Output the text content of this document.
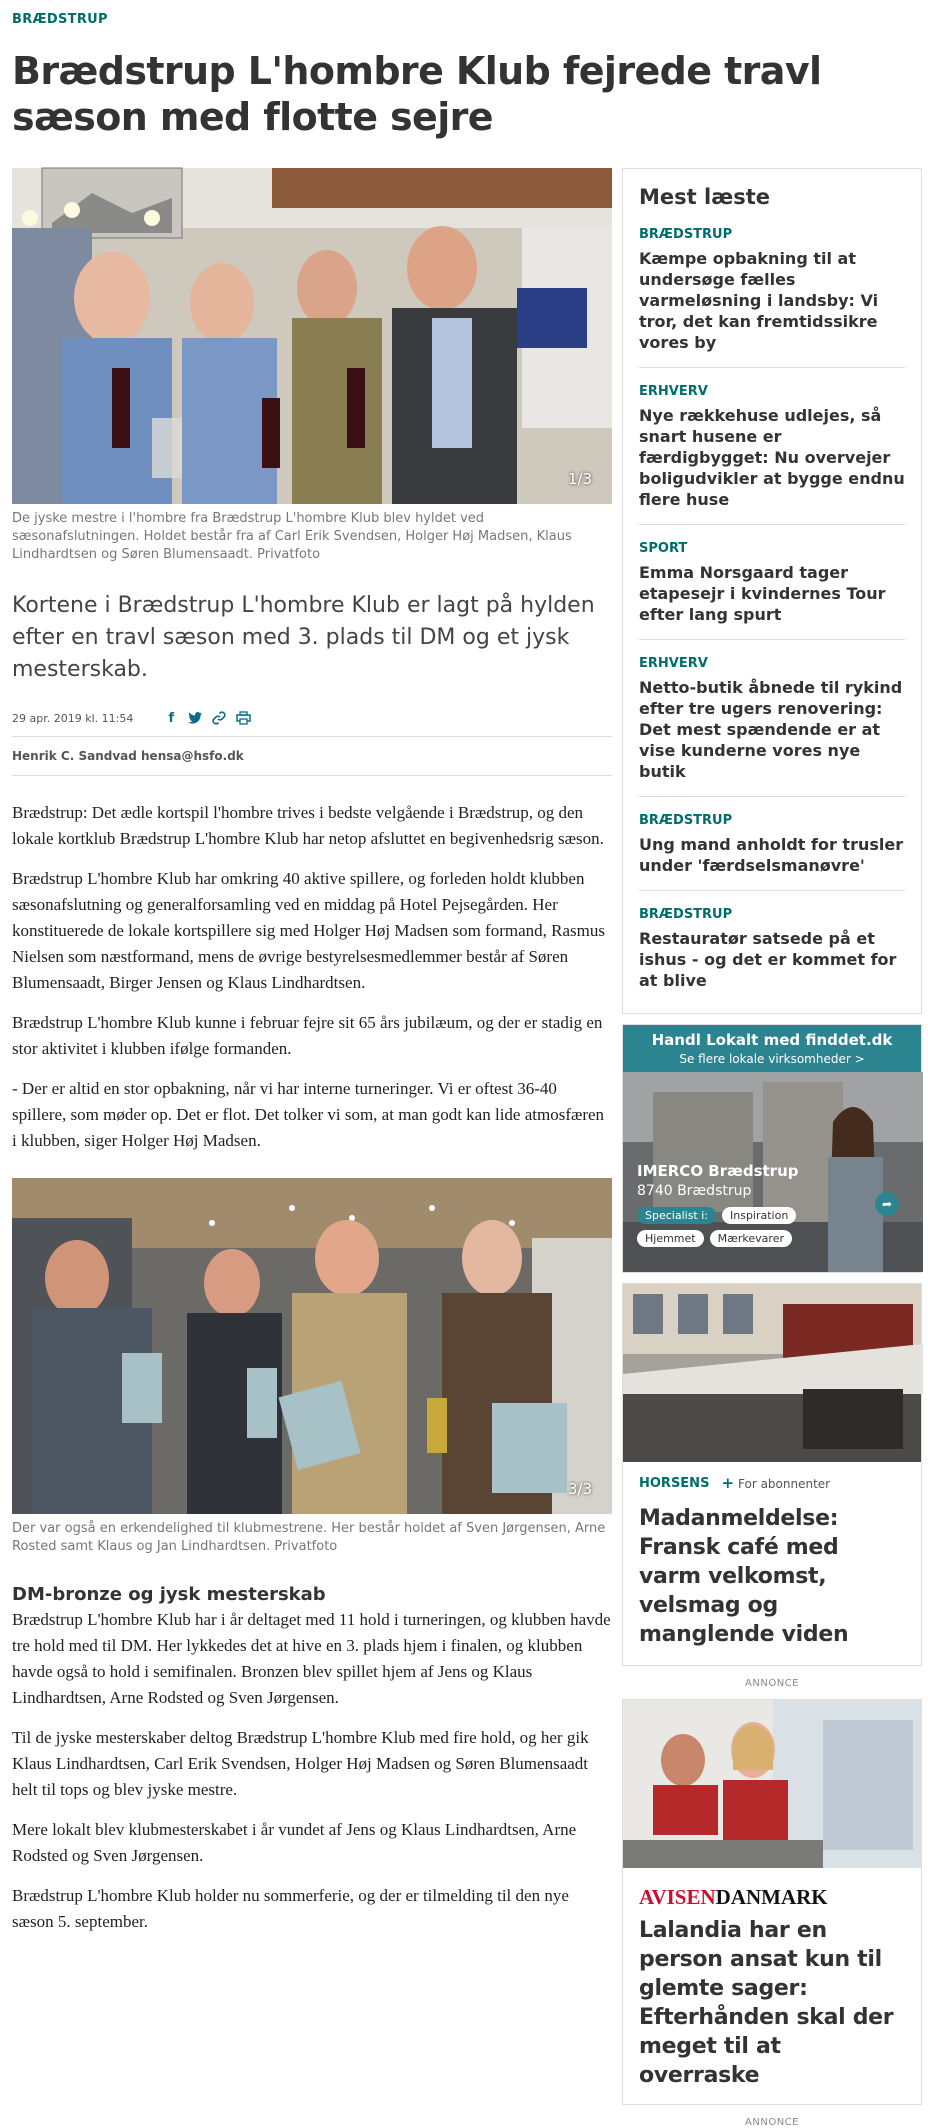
BRÆDSTRUP
Brædstrup L'hombre Klub fejrede travl sæson med flotte sejre
1/3

De jyske mestre i l'hombre fra Brædstrup L'hombre Klub blev hyldet ved sæsonafslutningen. Holdet består fra af Carl Erik Svendsen, Holger Høj Madsen, Klaus Lindhardtsen og Søren Blumensaadt. Privatfoto

Kortene i Brædstrup L'hombre Klub er lagt på hylden efter en travl sæson med 3. plads til DM og et jysk mesterskab.

29 apr. 2019 kl. 11:54	f
Henrik C. Sandvad hensa@hsfo.dk

Brædstrup: Det ædle kortspil l'hombre trives i bedste velgående i Brædstrup, og den lokale kortklub Brædstrup L'hombre Klub har netop afsluttet en begivenhedsrig sæson.

Brædstrup L'hombre Klub har omkring 40 aktive spillere, og forleden holdt klubben sæsonafslutning og generalforsamling ved en middag på Hotel Pejsegården. Her konstituerede de lokale kortspillere sig med Holger Høj Madsen som formand, Rasmus Nielsen som næstformand, mens de øvrige bestyrelsesmedlemmer består af Søren Blumensaadt, Birger Jensen og Klaus Lindhardtsen.

Brædstrup L'hombre Klub kunne i februar fejre sit 65 års jubilæum, og der er stadig en stor aktivitet i klubben ifølge formanden.

- Der er altid en stor opbakning, når vi har interne turneringer. Vi er oftest 36-40 spillere, som møder op. Det er flot. Det tolker vi som, at man godt kan lide atmosfæren i klubben, siger Holger Høj Madsen.

3/3

Der var også en erkendelighed til klubmestrene. Her består holdet af Sven Jørgensen, Arne Rosted samt Klaus og Jan Lindhardtsen. Privatfoto

DM-bronze og jysk mesterskab

Brædstrup L'hombre Klub har i år deltaget med 11 hold i turneringen, og klubben havde tre hold med til DM. Her lykkedes det at hive en 3. plads hjem i finalen, og klubben havde også to hold i semifinalen. Bronzen blev spillet hjem af Jens og Klaus Lindhardtsen, Arne Rodsted og Sven Jørgensen.

Til de jyske mesterskaber deltog Brædstrup L'hombre Klub med fire hold, og her gik Klaus Lindhardtsen, Carl Erik Svendsen, Holger Høj Madsen og Søren Blumensaadt helt til tops og blev jyske mestre.

Mere lokalt blev klubmesterskabet i år vundet af Jens og Klaus Lindhardtsen, Arne Rodsted og Sven Jørgensen.

Brædstrup L'hombre Klub holder nu sommerferie, og der er tilmelding til den nye sæson 5. september.

Mest læste
BRÆDSTRUP
Kæmpe opbakning til at undersøge fælles varmeløsning i landsby: Vi tror, det kan fremtidssikre vores by
ERHVERV
Nye rækkehuse udlejes, så snart husene er færdigbygget: Nu overvejer boligudvikler at bygge endnu flere huse
SPORT
Emma Norsgaard tager etapesejr i kvindernes Tour efter lang spurt
ERHVERV
Netto-butik åbnede til rykind efter tre ugers renovering: Det mest spændende er at vise kunderne vores nye butik
BRÆDSTRUP
Ung mand anholdt for trusler under 'færdselsmanøvre'
BRÆDSTRUP
Restauratør satsede på et ishus - og det er kommet for at blive
Handl Lokalt med finddet.dk
Se flere lokale virksomheder >
IMERCO Brædstrup
8740 Brædstrup
Specialist i:	Inspiration
Hjemmet	Mærkevarer
➦
HORSENS + For abonnenter
Madanmeldelse: Fransk café med varm velkomst, velsmag og manglende viden
ANNONCE
AVISENDANMARK
Lalandia har en person ansat kun til glemte sager: Efterhånden skal der meget til at overraske
ANNONCE
